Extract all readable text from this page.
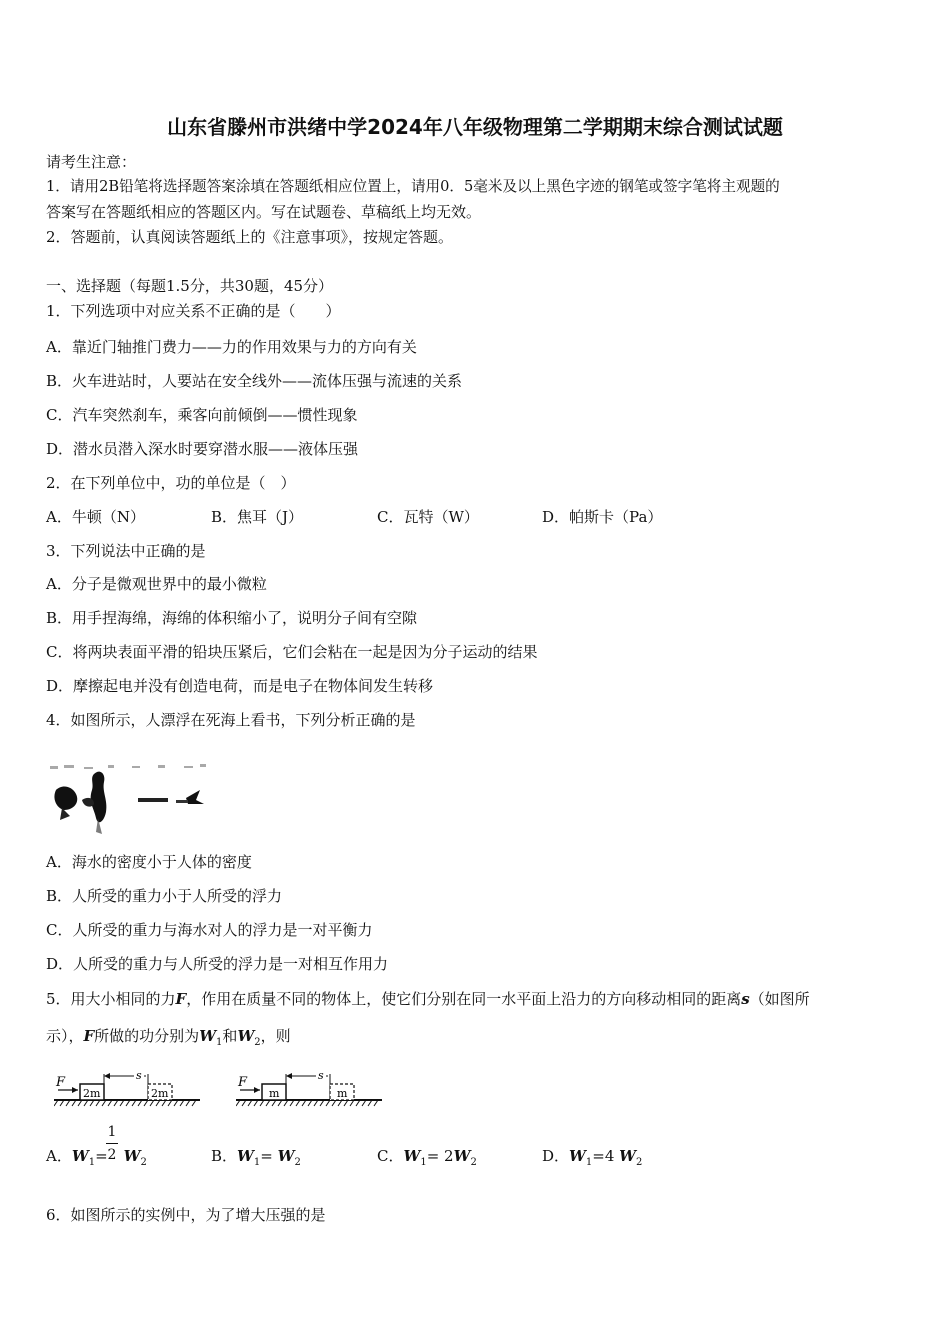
山东省滕州市洪绪中学2024年八年级物理第二学期期末综合测试试题
请考生注意：
1．请用2B铅笔将选择题答案涂填在答题纸相应位置上，请用0．5毫米及以上黑色字迹的钢笔或签字笔将主观题的
答案写在答题纸相应的答题区内。写在试题卷、草稿纸上均无效。
2．答题前，认真阅读答题纸上的《注意事项》，按规定答题。
一、选择题（每题1.5分，共30题，45分）
1．下列选项中对应关系不正确的是（　　）
A．靠近门轴推门费力——力的作用效果与力的方向有关
B．火车进站时，人要站在安全线外——流体压强与流速的关系
C．汽车突然刹车，乘客向前倾倒——惯性现象
D．潜水员潜入深水时要穿潜水服——液体压强
2．在下列单位中，功的单位是（　）
A．牛顿（N）	B．焦耳（J）	C．瓦特（W）	D．帕斯卡（Pa）
3．下列说法中正确的是
A．分子是微观世界中的最小微粒
B．用手捏海绵，海绵的体积缩小了，说明分子间有空隙
C．将两块表面平滑的铅块压紧后，它们会粘在一起是因为分子运动的结果
D．摩擦起电并没有创造电荷，而是电子在物体间发生转移
4．如图所示，人漂浮在死海上看书，下列分析正确的是
A．海水的密度小于人体的密度
B．人所受的重力小于人所受的浮力
C．人所受的重力与海水对人的浮力是一对平衡力
D．人所受的重力与人所受的浮力是一对相互作用力
5．用大小相同的力F，作用在质量不同的物体上，使它们分别在同一水平面上沿力的方向移动相同的距离s（如图所
示），F所做的功分别为$W_1$和$W_2$，则
F
2m
s
2m
F
m
s
m
A．$W_1= W_2$
1
2	B．$W_1= W_2$	C．$W_1= 2W_2$	D．$W_1=4$ $W_2$
6．如图所示的实例中，为了增大压强的是
